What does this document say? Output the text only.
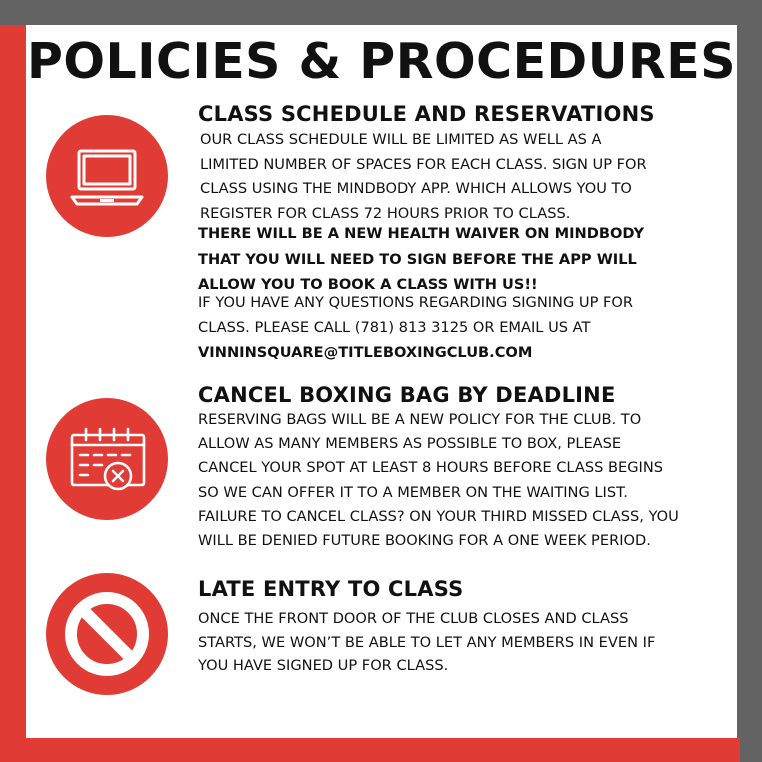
POLICIES & PROCEDURES
CLASS SCHEDULE AND RESERVATIONS
OUR CLASS SCHEDULE WILL BE LIMITED AS WELL AS A
LIMITED NUMBER OF SPACES FOR EACH CLASS. SIGN UP FOR
CLASS USING THE MINDBODY APP. WHICH ALLOWS YOU TO
REGISTER FOR CLASS 72 HOURS PRIOR TO CLASS.
THERE WILL BE A NEW HEALTH WAIVER ON MINDBODY
THAT YOU WILL NEED TO SIGN BEFORE THE APP WILL
ALLOW YOU TO BOOK A CLASS WITH US!!
IF YOU HAVE ANY QUESTIONS REGARDING SIGNING UP FOR
CLASS. PLEASE CALL (781) 813 3125 OR EMAIL US AT
VINNINSQUARE@TITLEBOXINGCLUB.COM
CANCEL BOXING BAG BY DEADLINE
RESERVING BAGS WILL BE A NEW POLICY FOR THE CLUB. TO
ALLOW AS MANY MEMBERS AS POSSIBLE TO BOX, PLEASE
CANCEL YOUR SPOT AT LEAST 8 HOURS BEFORE CLASS BEGINS
SO WE CAN OFFER IT TO A MEMBER ON THE WAITING LIST.
FAILURE TO CANCEL CLASS? ON YOUR THIRD MISSED CLASS, YOU
WILL BE DENIED FUTURE BOOKING FOR A ONE WEEK PERIOD.
LATE ENTRY TO CLASS
ONCE THE FRONT DOOR OF THE CLUB CLOSES AND CLASS
STARTS, WE WON’T BE ABLE TO LET ANY MEMBERS IN EVEN IF
YOU HAVE SIGNED UP FOR CLASS.
